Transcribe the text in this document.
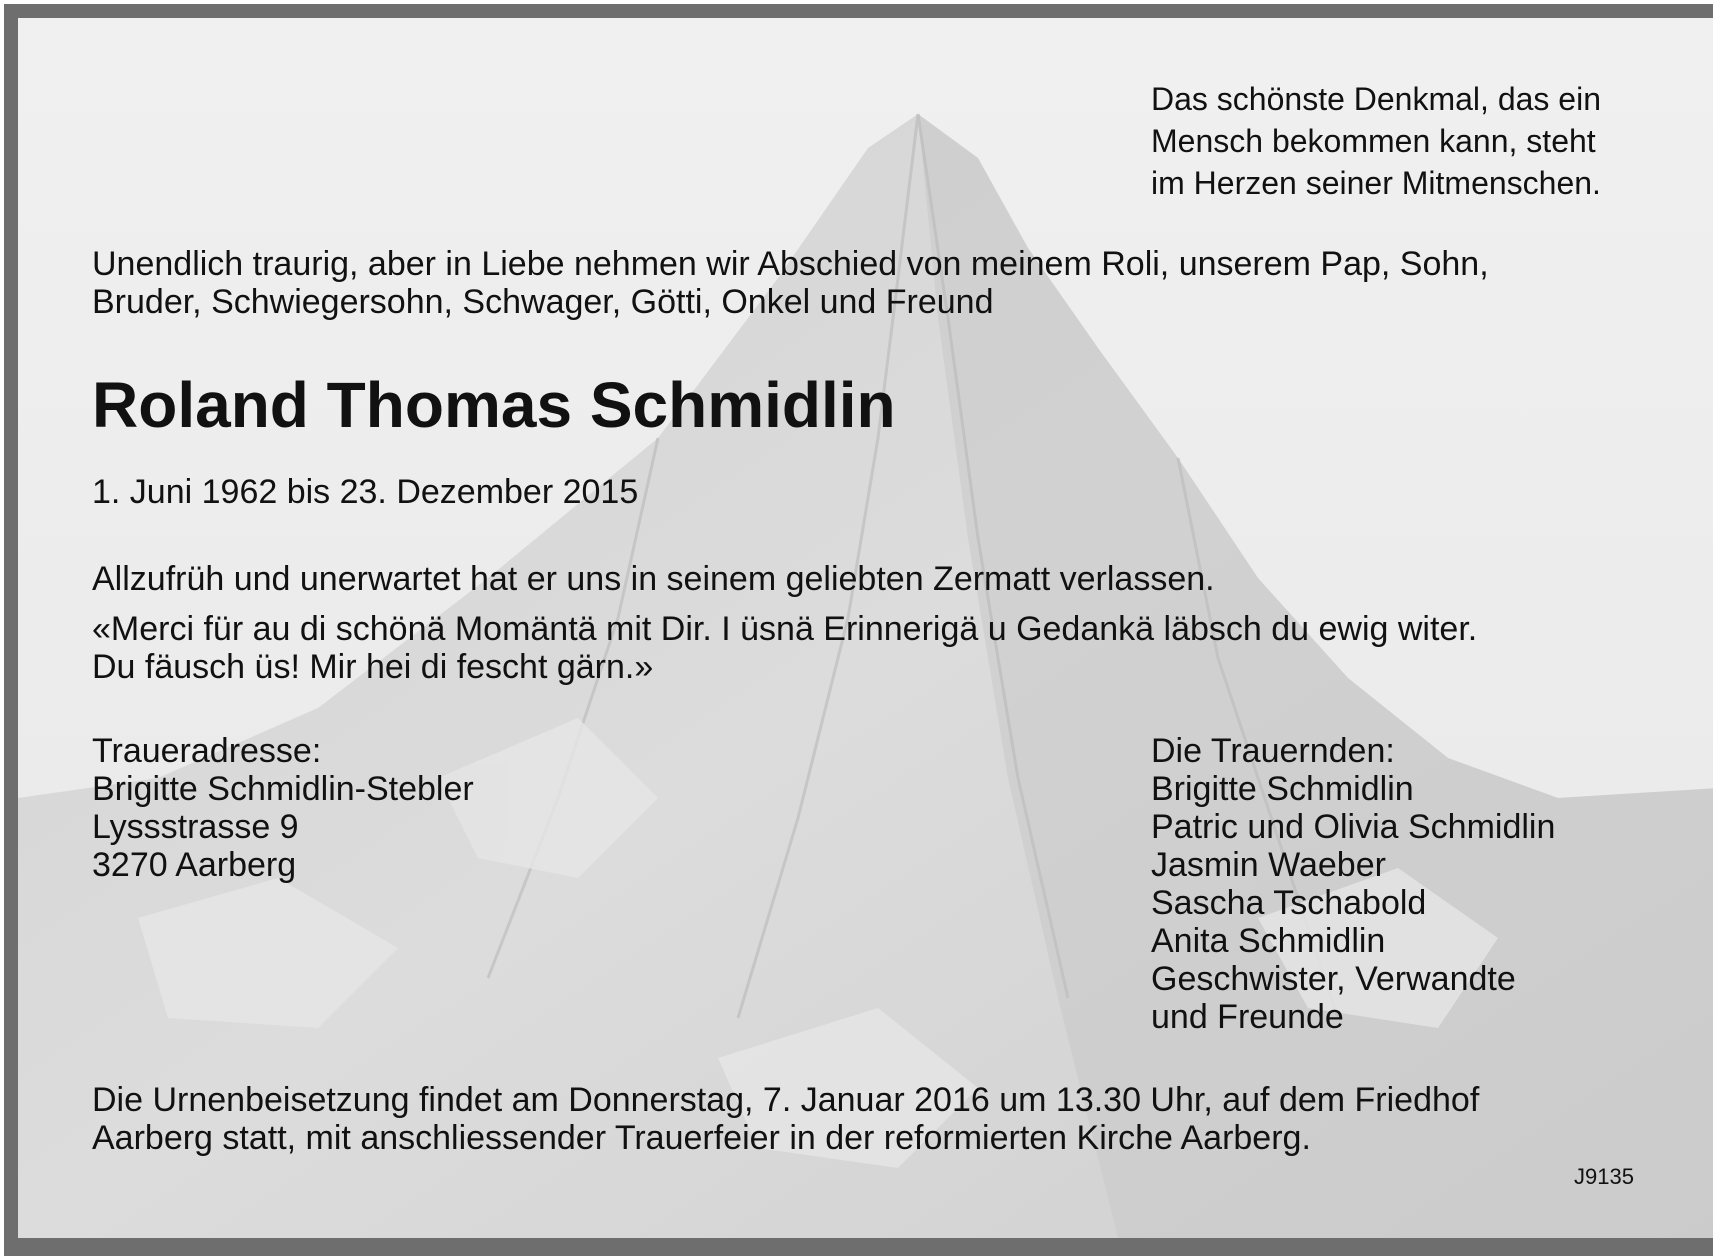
Das schönste Denkmal, das ein
Mensch bekommen kann, steht
im Herzen seiner Mitmenschen.
Unendlich traurig, aber in Liebe nehmen wir Abschied von meinem Roli, unserem Pap, Sohn,
Bruder, Schwiegersohn, Schwager, Götti, Onkel und Freund
Roland Thomas Schmidlin
1. Juni 1962 bis 23. Dezember 2015
Allzufrüh und unerwartet hat er uns in seinem geliebten Zermatt verlassen.
«Merci für au di schönä Momäntä mit Dir. I üsnä Erinnerigä u Gedankä läbsch du ewig witer.
Du fäusch üs! Mir hei di fescht gärn.»
Traueradresse:
Brigitte Schmidlin-Stebler
Lyssstrasse 9
3270 Aarberg
Die Trauernden:
Brigitte Schmidlin
Patric und Olivia Schmidlin
Jasmin Waeber
Sascha Tschabold
Anita Schmidlin
Geschwister, Verwandte
und Freunde
Die Urnenbeisetzung findet am Donnerstag, 7. Januar 2016 um 13.30 Uhr, auf dem Friedhof
Aarberg statt, mit anschliessender Trauerfeier in der reformierten Kirche Aarberg.
J9135
